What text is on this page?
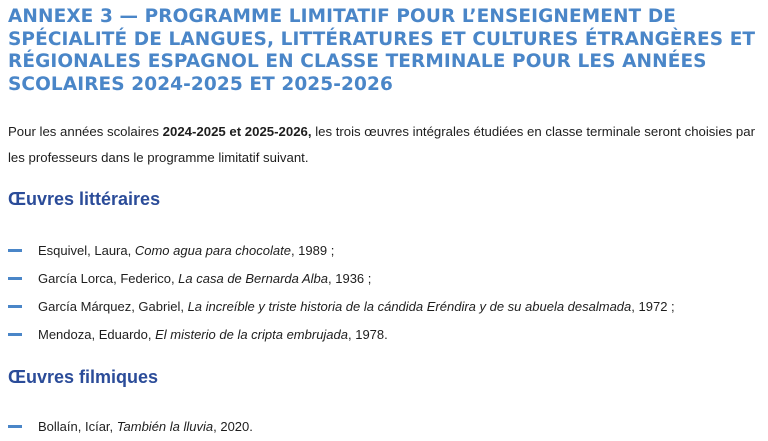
ANNEXE 3 — PROGRAMME LIMITATIF POUR L’ENSEIGNEMENT DE SPÉCIALITÉ DE LANGUES, LITTÉRATURES ET CULTURES ÉTRANGÈRES ET RÉGIONALES ESPAGNOL EN CLASSE TERMINALE POUR LES ANNÉES SCOLAIRES 2024-2025 ET 2025-2026

Pour les années scolaires 2024-2025 et 2025-2026, les trois œuvres intégrales étudiées en classe terminale seront choisies par les professeurs dans le programme limitatif suivant.

Œuvres littéraires
Esquivel, Laura, Como agua para chocolate, 1989 ;
García Lorca, Federico, La casa de Bernarda Alba, 1936 ;
García Márquez, Gabriel, La increíble y triste historia de la cándida Eréndira y de su abuela desalmada, 1972 ;
Mendoza, Eduardo, El misterio de la cripta embrujada, 1978.
Œuvres filmiques
Bollaín, Icíar, También la lluvia, 2020.
